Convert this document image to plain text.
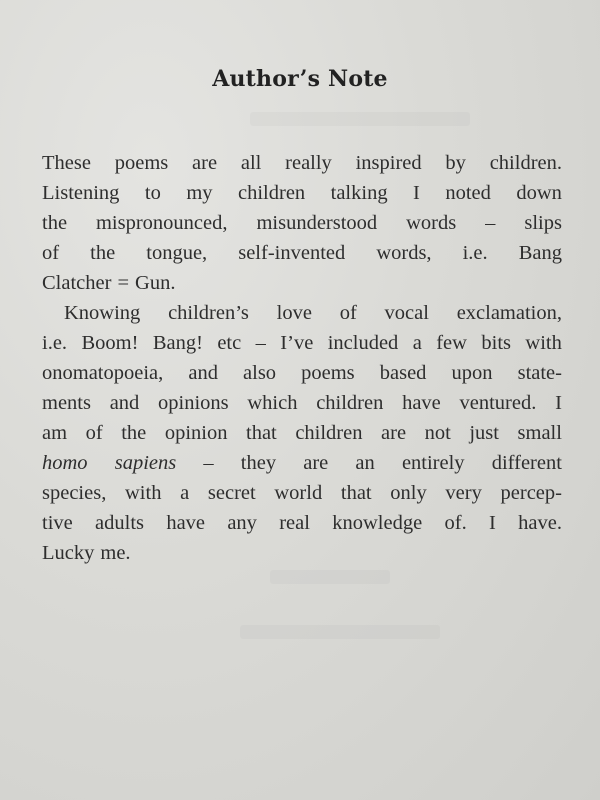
Author’s Note
These poems are all really inspired by children.
Listening to my children talking I noted down
the mispronounced, misunderstood words – slips
of the tongue, self-invented words, i.e. Bang
Clatcher = Gun.
Knowing children’s love of vocal exclamation,
i.e. Boom! Bang! etc – I’ve included a few bits with
onomatopoeia, and also poems based upon state-
ments and opinions which children have ventured. I
am of the opinion that children are not just small
homo sapiens – they are an entirely different
species, with a secret world that only very percep-
tive adults have any real knowledge of. I have.
Lucky me.
